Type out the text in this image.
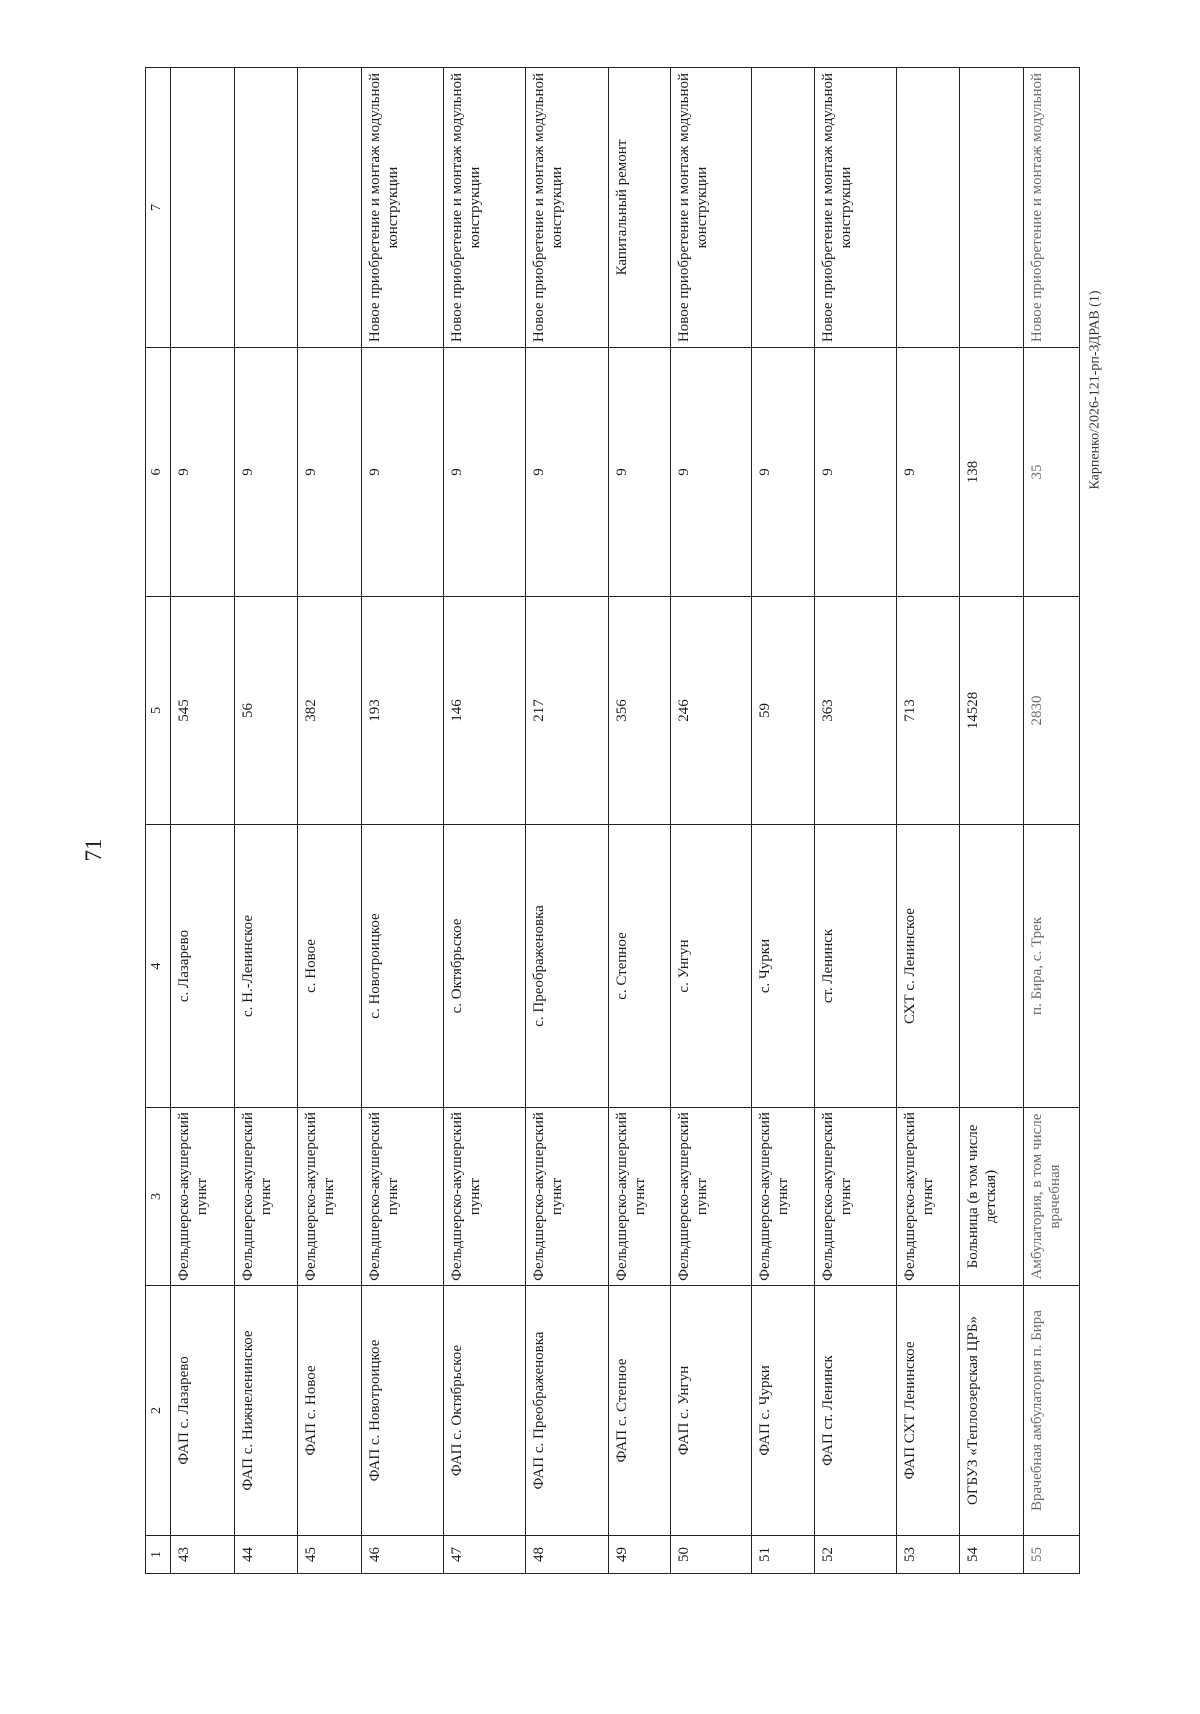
71
Карпенко/2026-121-рп-ЗДРАВ (1)
1	2	3	4	5	6	7
43	ФАП с. Лазарево	Фельдшерско-акушерский пункт	с. Лазарево	545	9	
44	ФАП с. Нижнеленинское	Фельдшерско-акушерский пункт	с. Н.-Ленинское	56	9	
45	ФАП с. Новое	Фельдшерско-акушерский пункт	с. Новое	382	9	
46	ФАП с. Новотроицкое	Фельдшерско-акушерский пункт	с. Новотроицкое	193	9	Новое приобретение и монтаж модульной конструкции
47	ФАП с. Октябрьское	Фельдшерско-акушерский пункт	с. Октябрьское	146	9	Новое приобретение и монтаж модульной конструкции
48	ФАП с. Преображеновка	Фельдшерско-акушерский пункт	с. Преображеновка	217	9	Новое приобретение и монтаж модульной конструкции
49	ФАП с. Степное	Фельдшерско-акушерский пункт	с. Степное	356	9	Капитальный ремонт
50	ФАП с. Унгун	Фельдшерско-акушерский пункт	с. Унгун	246	9	Новое приобретение и монтаж модульной конструкции
51	ФАП с. Чурки	Фельдшерско-акушерский пункт	с. Чурки	59	9	
52	ФАП ст. Ленинск	Фельдшерско-акушерский пункт	ст. Ленинск	363	9	Новое приобретение и монтаж модульной конструкции
53	ФАП СХТ Ленинское	Фельдшерско-акушерский пункт	СХТ с. Ленинское	713	9	
54	ОГБУЗ «Теплоозерская ЦРБ»	Больница (в том числе детская)		14528	138	
55	Врачебная амбулатория п. Бира	Амбулатория, в том числе врачебная	п. Бира, с. Трек	2830	35	Новое приобретение и монтаж модульной
